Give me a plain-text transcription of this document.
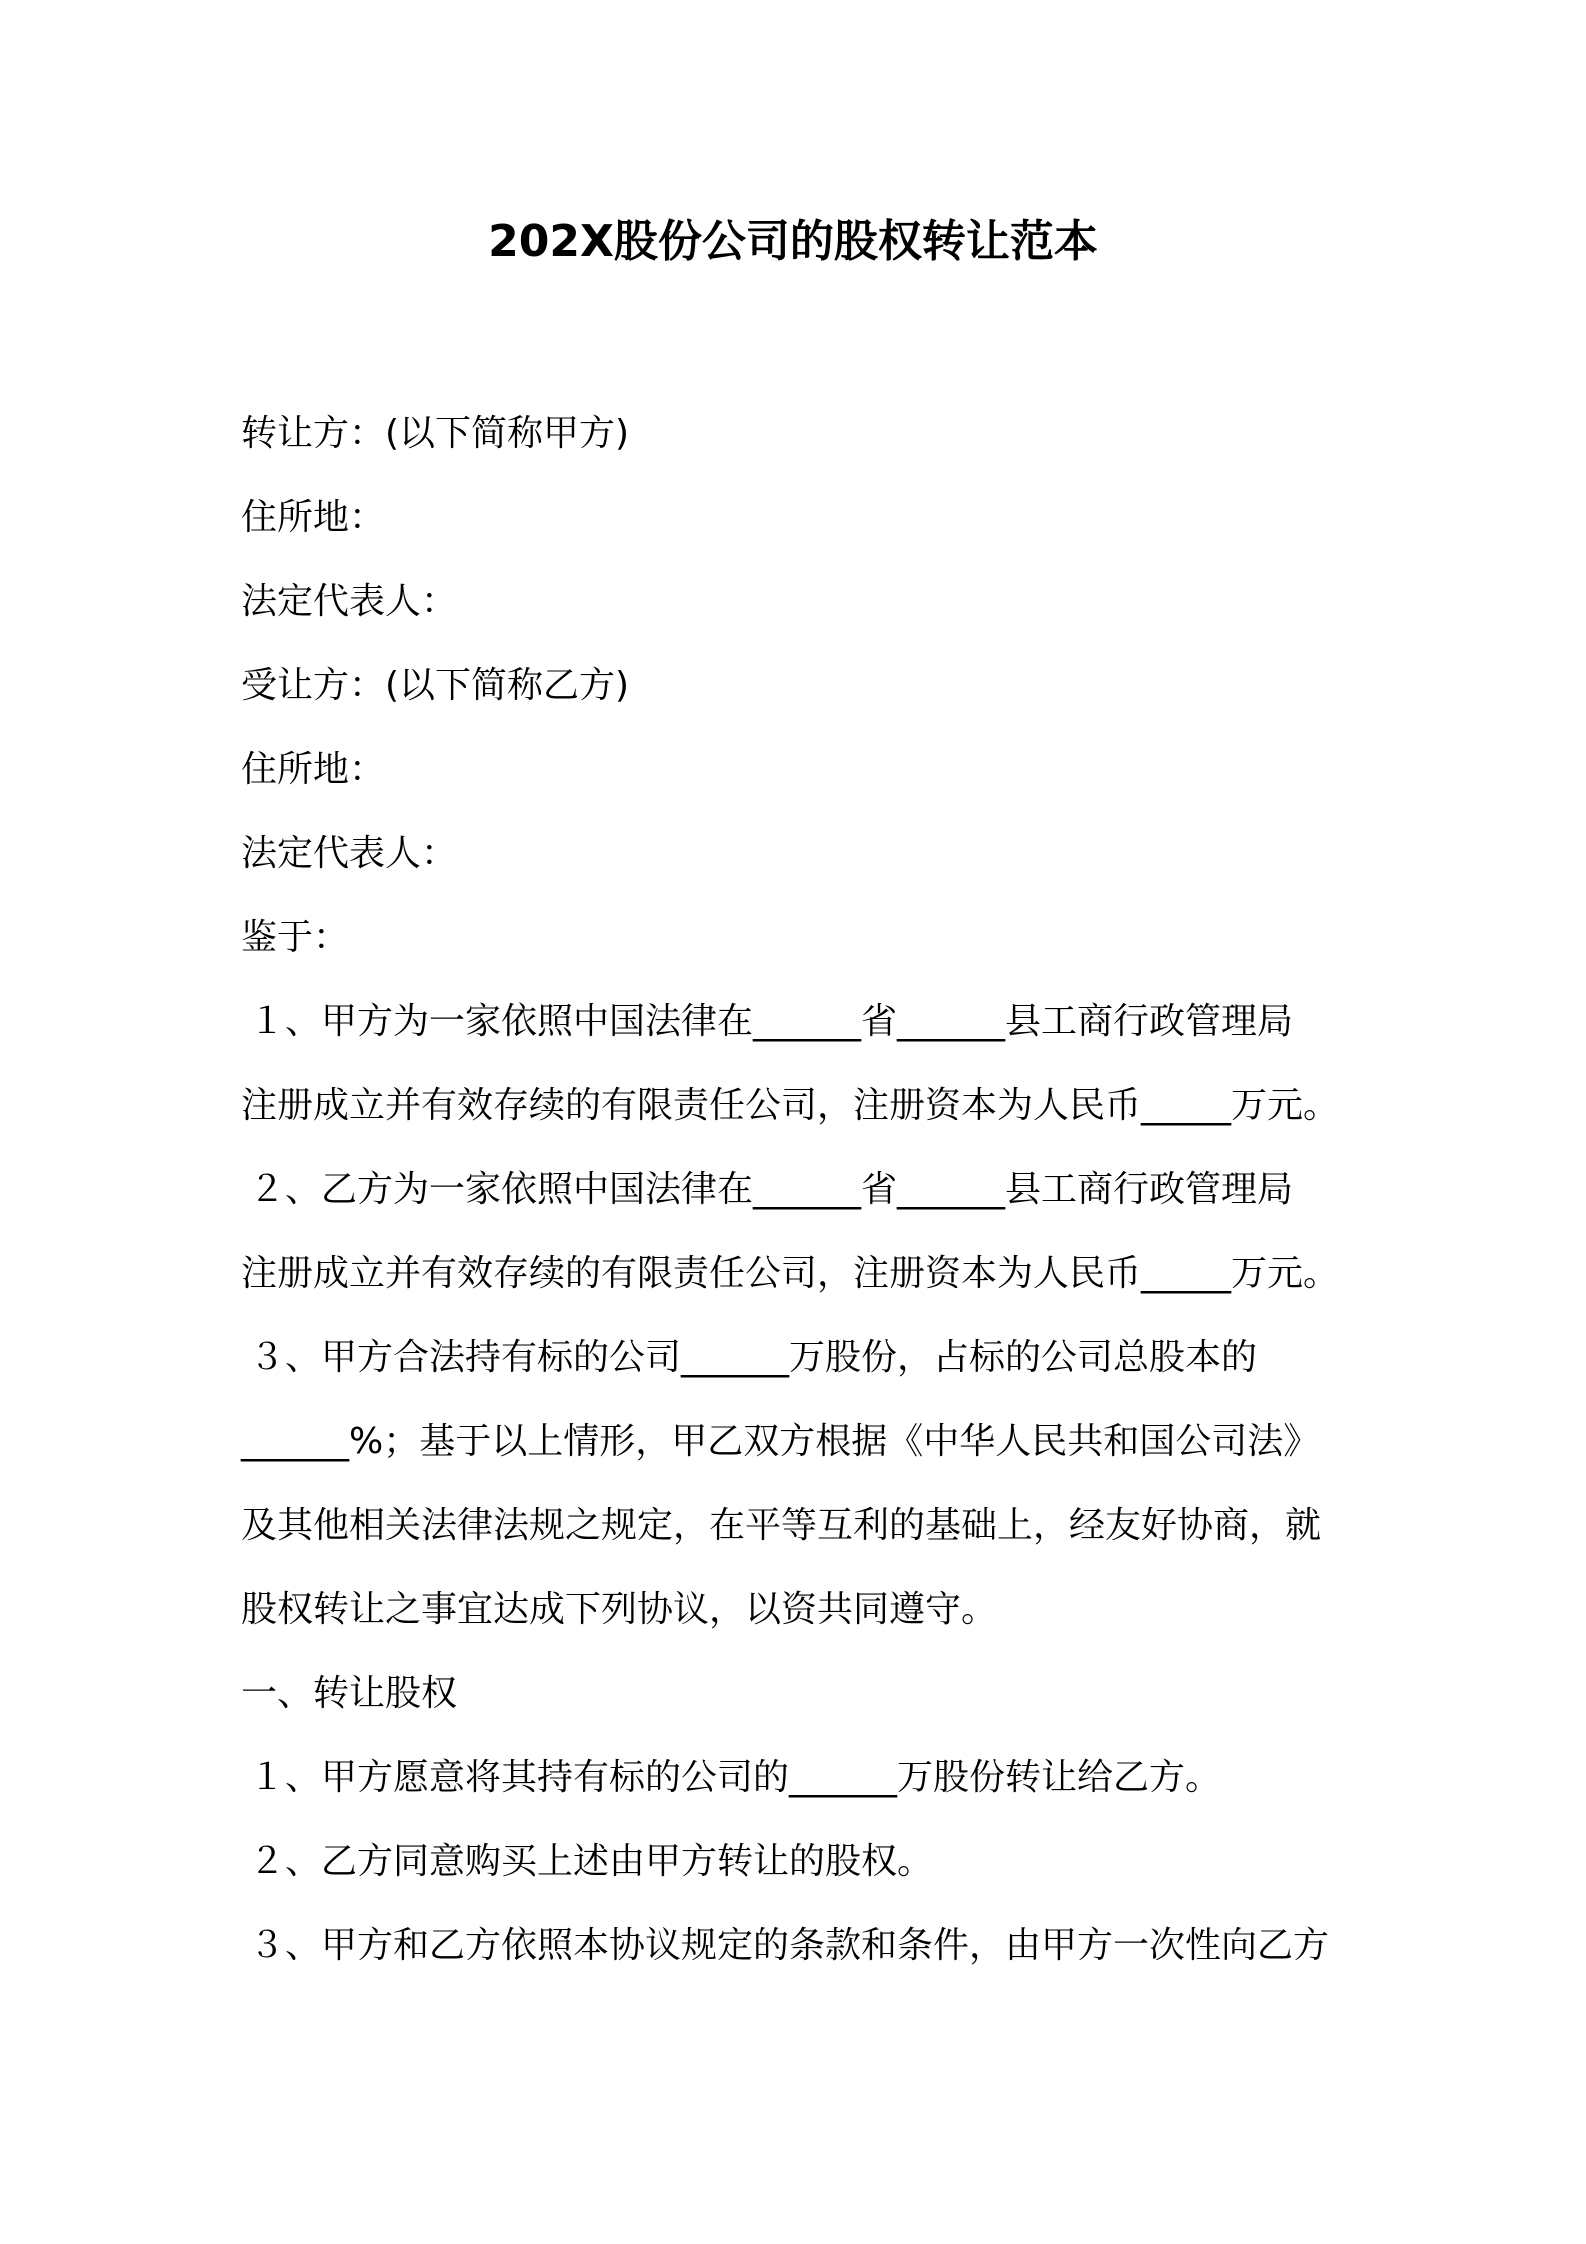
202X股份公司的股权转让范本
转让方：(以下简称甲方)
住所地：
法定代表人：
受让方：(以下简称乙方)
住所地：
法定代表人：
鉴于：
１、甲方为一家依照中国法律在______省______县工商行政管理局
注册成立并有效存续的有限责任公司，注册资本为人民币_____万元。
２、乙方为一家依照中国法律在______省______县工商行政管理局
注册成立并有效存续的有限责任公司，注册资本为人民币_____万元。
３、甲方合法持有标的公司______万股份，占标的公司总股本的
______%；基于以上情形，甲乙双方根据《中华人民共和国公司法》
及其他相关法律法规之规定，在平等互利的基础上，经友好协商，就
股权转让之事宜达成下列协议，以资共同遵守。
一、转让股权
１、甲方愿意将其持有标的公司的______万股份转让给乙方。
２、乙方同意购买上述由甲方转让的股权。
３、甲方和乙方依照本协议规定的条款和条件，由甲方一次性向乙方
